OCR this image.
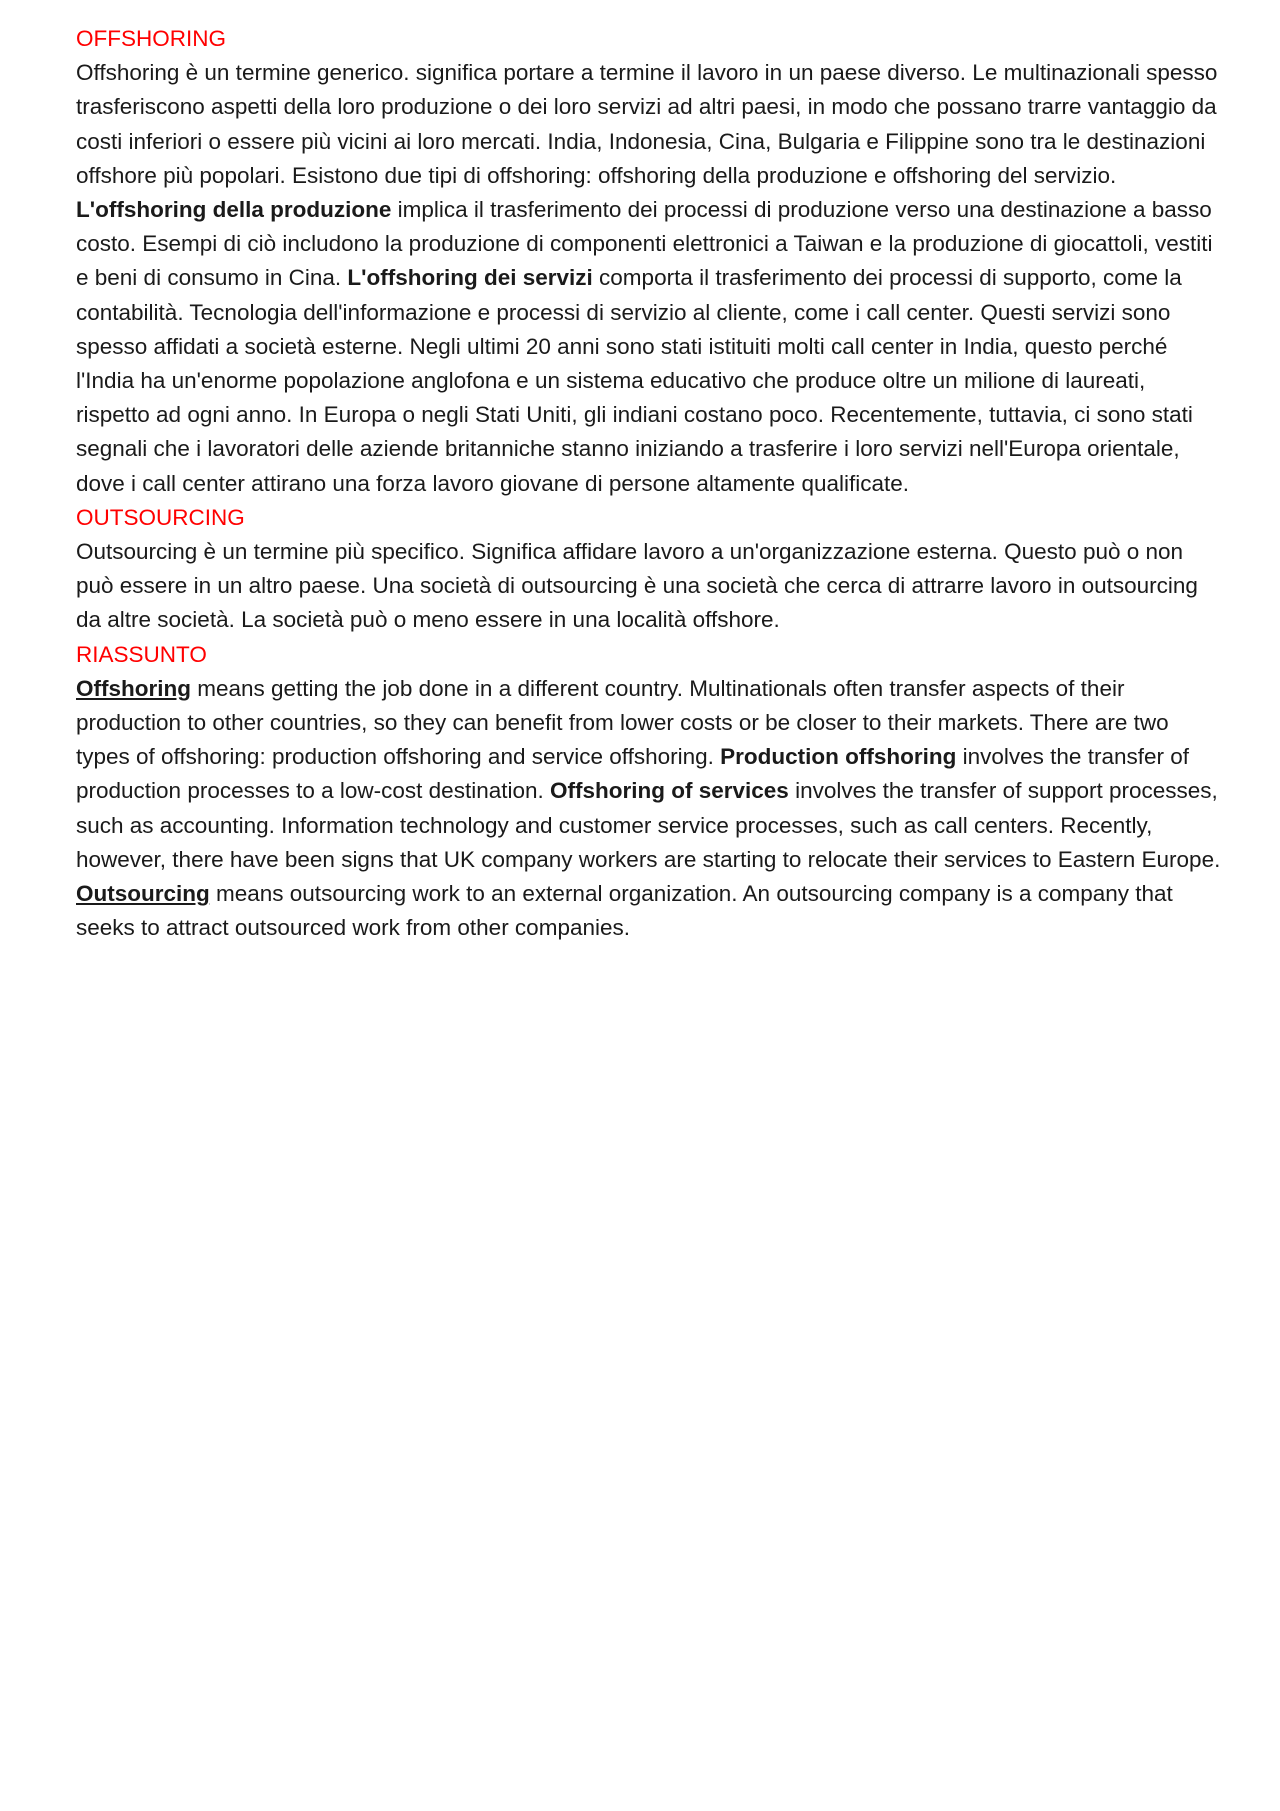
OFFSHORING

Offshoring è un termine generico. significa portare a termine il lavoro in un paese diverso. Le multinazionali spesso trasferiscono aspetti della loro produzione o dei loro servizi ad altri paesi, in modo che possano trarre vantaggio da costi inferiori o essere più vicini ai loro mercati. India, Indonesia, Cina, Bulgaria e Filippine sono tra le destinazioni offshore più popolari. Esistono due tipi di offshoring: offshoring della produzione e offshoring del servizio. L'offshoring della produzione implica il trasferimento dei processi di produzione verso una destinazione a basso costo. Esempi di ciò includono la produzione di componenti elettronici a Taiwan e la produzione di giocattoli, vestiti e beni di consumo in Cina. L'offshoring dei servizi comporta il trasferimento dei processi di supporto, come la contabilità. Tecnologia dell'informazione e processi di servizio al cliente, come i call center. Questi servizi sono spesso affidati a società esterne. Negli ultimi 20 anni sono stati istituiti molti call center in India, questo perché l'India ha un'enorme popolazione anglofona e un sistema educativo che produce oltre un milione di laureati, rispetto ad ogni anno. In Europa o negli Stati Uniti, gli indiani costano poco. Recentemente, tuttavia, ci sono stati segnali che i lavoratori delle aziende britanniche stanno iniziando a trasferire i loro servizi nell'Europa orientale, dove i call center attirano una forza lavoro giovane di persone altamente qualificate.

OUTSOURCING

Outsourcing è un termine più specifico. Significa affidare lavoro a un'organizzazione esterna. Questo può o non può essere in un altro paese. Una società di outsourcing è una società che cerca di attrarre lavoro in outsourcing da altre società. La società può o meno essere in una località offshore.

RIASSUNTO

Offshoring means getting the job done in a different country. Multinationals often transfer aspects of their production to other countries, so they can benefit from lower costs or be closer to their markets. There are two types of offshoring: production offshoring and service offshoring. Production offshoring involves the transfer of production processes to a low-cost destination. Offshoring of services involves the transfer of support processes, such as accounting. Information technology and customer service processes, such as call centers. Recently, however, there have been signs that UK company workers are starting to relocate their services to Eastern Europe.

Outsourcing means outsourcing work to an external organization. An outsourcing company is a company that seeks to attract outsourced work from other companies.
